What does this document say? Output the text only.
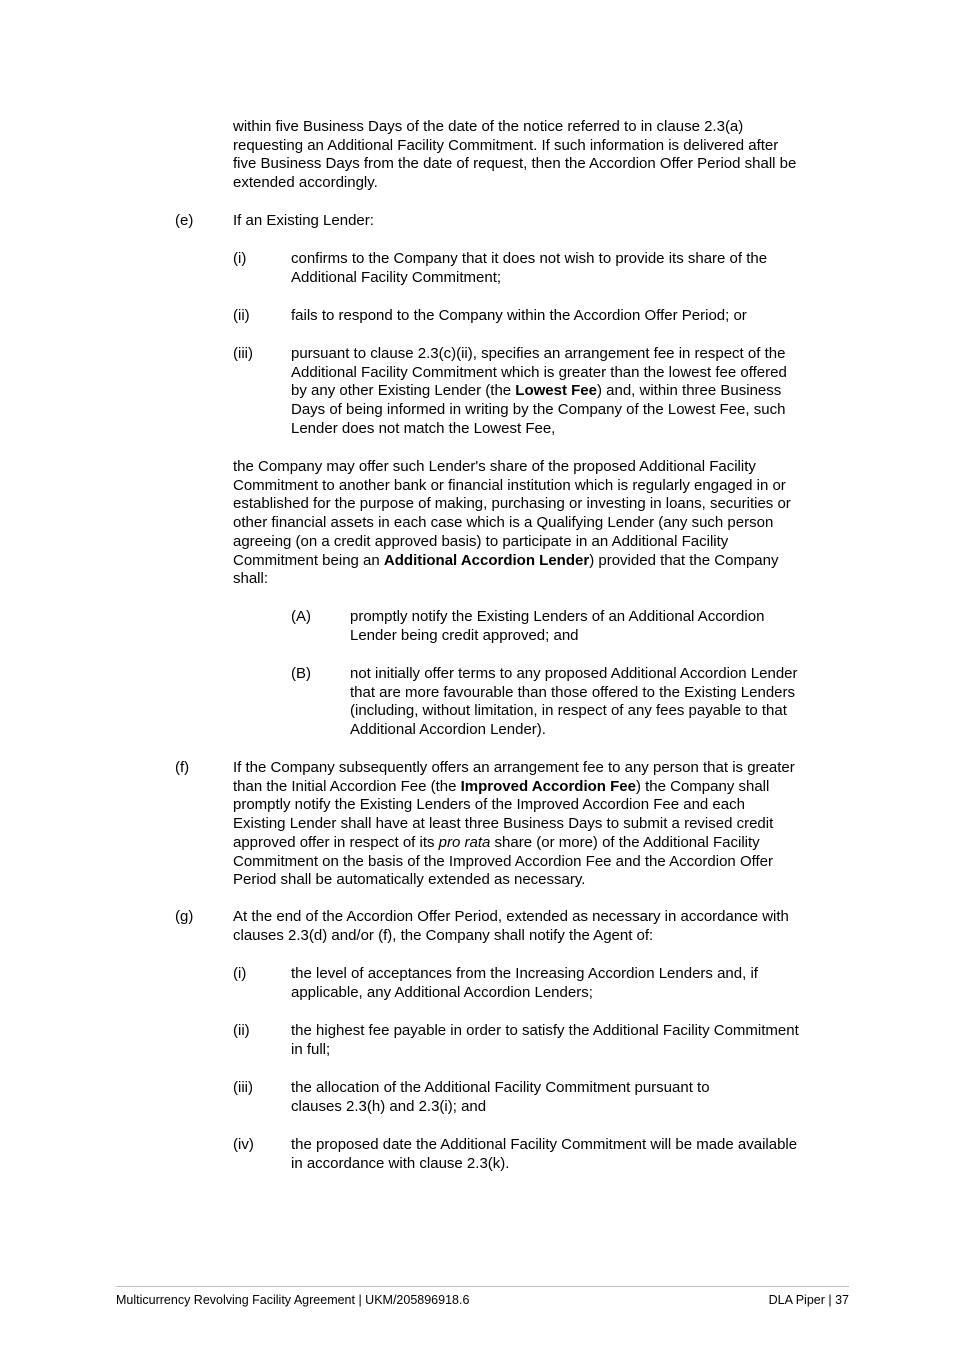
within five Business Days of the date of the notice referred to in clause 2.3(a)
requesting an Additional Facility Commitment. If such information is delivered after
five Business Days from the date of request, then the Accordion Offer Period shall be
extended accordingly.
(e)	If an Existing Lender:
(i)	confirms to the Company that it does not wish to provide its share of the
Additional Facility Commitment;
(ii)	fails to respond to the Company within the Accordion Offer Period; or
(iii)	pursuant to clause 2.3(c)(ii), specifies an arrangement fee in respect of the
Additional Facility Commitment which is greater than the lowest fee offered
by any other Existing Lender (the Lowest Fee) and, within three Business
Days of being informed in writing by the Company of the Lowest Fee, such
Lender does not match the Lowest Fee,
the Company may offer such Lender's share of the proposed Additional Facility
Commitment to another bank or financial institution which is regularly engaged in or
established for the purpose of making, purchasing or investing in loans, securities or
other financial assets in each case which is a Qualifying Lender (any such person
agreeing (on a credit approved basis) to participate in an Additional Facility
Commitment being an Additional Accordion Lender) provided that the Company
shall:
(A)	promptly notify the Existing Lenders of an Additional Accordion
Lender being credit approved; and
(B)	not initially offer terms to any proposed Additional Accordion Lender
that are more favourable than those offered to the Existing Lenders
(including, without limitation, in respect of any fees payable to that
Additional Accordion Lender).
(f)	If the Company subsequently offers an arrangement fee to any person that is greater
than the Initial Accordion Fee (the Improved Accordion Fee) the Company shall
promptly notify the Existing Lenders of the Improved Accordion Fee and each
Existing Lender shall have at least three Business Days to submit a revised credit
approved offer in respect of its pro rata share (or more) of the Additional Facility
Commitment on the basis of the Improved Accordion Fee and the Accordion Offer
Period shall be automatically extended as necessary.
(g)	At the end of the Accordion Offer Period, extended as necessary in accordance with
clauses 2.3(d) and/or (f), the Company shall notify the Agent of:
(i)	the level of acceptances from the Increasing Accordion Lenders and, if
applicable, any Additional Accordion Lenders;
(ii)	the highest fee payable in order to satisfy the Additional Facility Commitment
in full;
(iii)	the allocation of the Additional Facility Commitment pursuant to
clauses 2.3(h) and 2.3(i); and
(iv) the proposed date the Additional Facility Commitment will be made available
in accordance with clause 2.3(k).
Multicurrency Revolving Facility Agreement | UKM/205896918.6	DLA Piper | 37
